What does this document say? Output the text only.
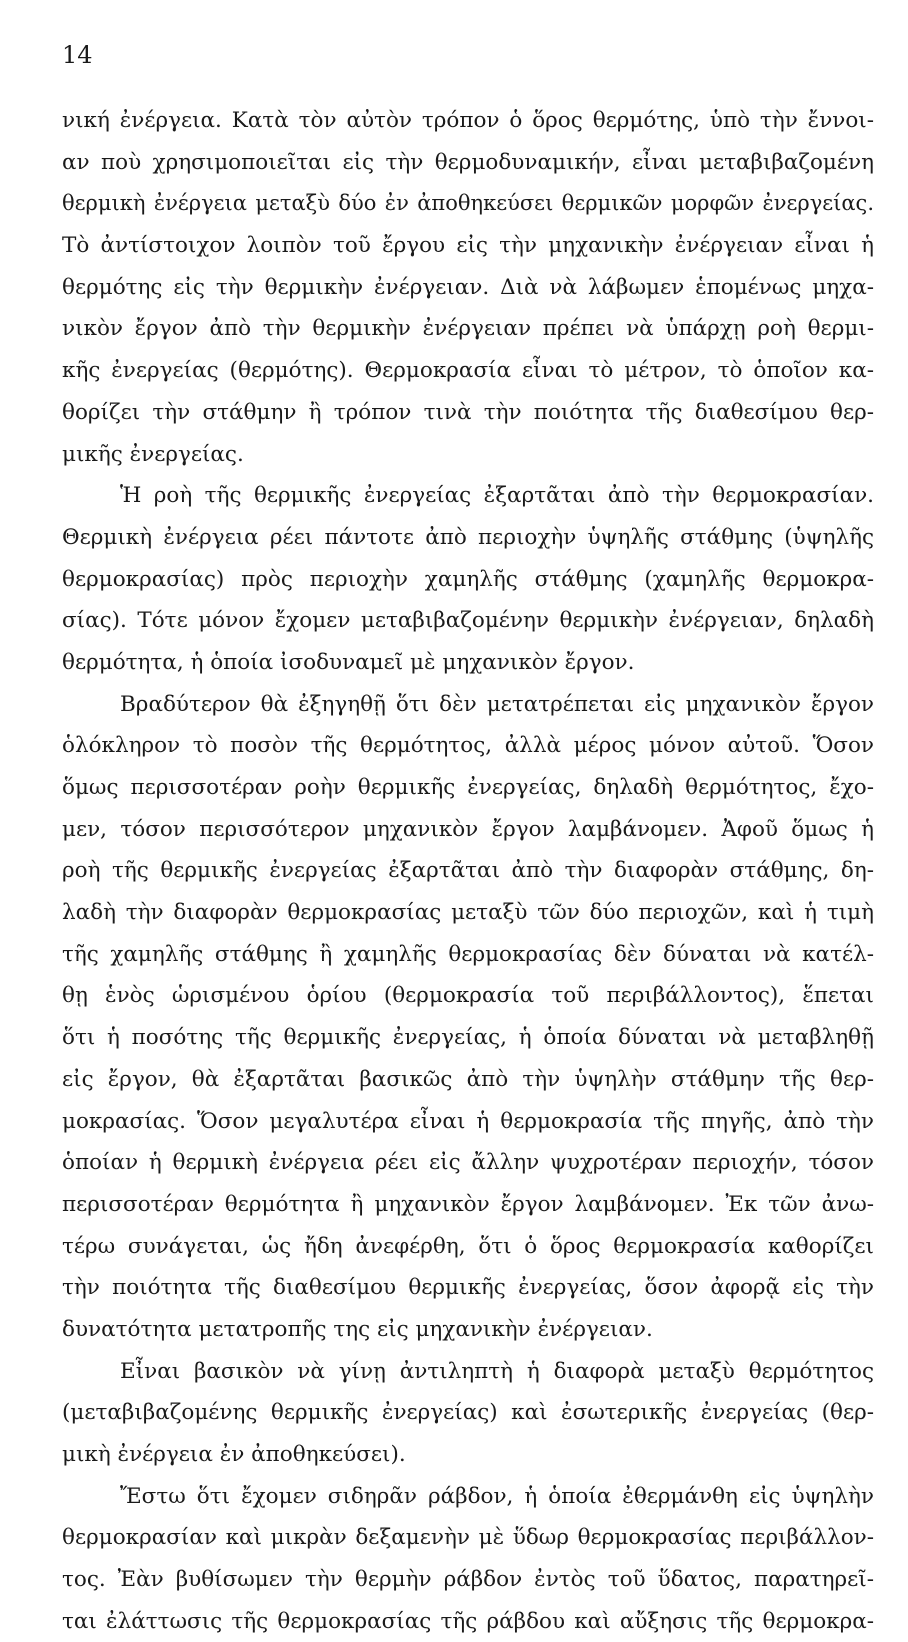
14
νική ἐνέργεια. Κατὰ τὸν αὐτὸν τρόπον ὁ ὅρος θερμότης, ὑπὸ τὴν ἔννοι-
αν ποὺ χρησιμοποιεῖται εἰς τὴν θερμοδυναμικήν, εἶναι μεταβιβαζομένη
θερμικὴ ἐνέργεια μεταξὺ δύο ἐν ἀποθηκεύσει θερμικῶν μορφῶν ἐνεργείας.
Τὸ ἀντίστοιχον λοιπὸν τοῦ ἔργου εἰς τὴν μηχανικὴν ἐνέργειαν εἶναι ἡ
θερμότης εἰς τὴν θερμικὴν ἐνέργειαν. Διὰ νὰ λάβωμεν ἑπομένως μηχα-
νικὸν ἔργον ἀπὸ τὴν θερμικὴν ἐνέργειαν πρέπει νὰ ὑπάρχῃ ροὴ θερμι-
κῆς ἐνεργείας (θερμότης). Θερμοκρασία εἶναι τὸ μέτρον, τὸ ὁποῖον κα-
θορίζει τὴν στάθμην ἢ τρόπον τινὰ τὴν ποιότητα τῆς διαθεσίμου θερ-
μικῆς ἐνεργείας.
Ἡ ροὴ τῆς θερμικῆς ἐνεργείας ἐξαρτᾶται ἀπὸ τὴν θερμοκρασίαν.
Θερμικὴ ἐνέργεια ρέει πάντοτε ἀπὸ περιοχὴν ὑψηλῆς στάθμης (ὑψηλῆς
θερμοκρασίας) πρὸς περιοχὴν χαμηλῆς στάθμης (χαμηλῆς θερμοκρα-
σίας). Τότε μόνον ἔχομεν μεταβιβαζομένην θερμικὴν ἐνέργειαν, δηλαδὴ
θερμότητα, ἡ ὁποία ἰσοδυναμεῖ μὲ μηχανικὸν ἔργον.
Βραδύτερον θὰ ἐξηγηθῇ ὅτι δὲν μετατρέπεται εἰς μηχανικὸν ἔργον
ὁλόκληρον τὸ ποσὸν τῆς θερμότητος, ἀλλὰ μέρος μόνον αὐτοῦ. Ὅσον
ὅμως περισσοτέραν ροὴν θερμικῆς ἐνεργείας, δηλαδὴ θερμότητος, ἔχο-
μεν, τόσον περισσότερον μηχανικὸν ἔργον λαμβάνομεν. Ἀφοῦ ὅμως ἡ
ροὴ τῆς θερμικῆς ἐνεργείας ἐξαρτᾶται ἀπὸ τὴν διαφορὰν στάθμης, δη-
λαδὴ τὴν διαφορὰν θερμοκρασίας μεταξὺ τῶν δύο περιοχῶν, καὶ ἡ τιμὴ
τῆς χαμηλῆς στάθμης ἢ χαμηλῆς θερμοκρασίας δὲν δύναται νὰ κατέλ-
θῃ ἑνὸς ὡρισμένου ὁρίου (θερμοκρασία τοῦ περιβάλλοντος), ἕπεται
ὅτι ἡ ποσότης τῆς θερμικῆς ἐνεργείας, ἡ ὁποία δύναται νὰ μεταβληθῇ
εἰς ἔργον, θὰ ἐξαρτᾶται βασικῶς ἀπὸ τὴν ὑψηλὴν στάθμην τῆς θερ-
μοκρασίας. Ὅσον μεγαλυτέρα εἶναι ἡ θερμοκρασία τῆς πηγῆς, ἀπὸ τὴν
ὁποίαν ἡ θερμικὴ ἐνέργεια ρέει εἰς ἄλλην ψυχροτέραν περιοχήν, τόσον
περισσοτέραν θερμότητα ἢ μηχανικὸν ἔργον λαμβάνομεν. Ἐκ τῶν ἀνω-
τέρω συνάγεται, ὡς ἤδη ἀνεφέρθη, ὅτι ὁ ὅρος θερμοκρασία καθορίζει
τὴν ποιότητα τῆς διαθεσίμου θερμικῆς ἐνεργείας, ὅσον ἀφορᾷ εἰς τὴν
δυνατότητα μετατροπῆς της εἰς μηχανικὴν ἐνέργειαν.
Εἶναι βασικὸν νὰ γίνῃ ἀντιληπτὴ ἡ διαφορὰ μεταξὺ θερμότητος
(μεταβιβαζομένης θερμικῆς ἐνεργείας) καὶ ἐσωτερικῆς ἐνεργείας (θερ-
μικὴ ἐνέργεια ἐν ἀποθηκεύσει).
Ἔστω ὅτι ἔχομεν σιδηρᾶν ράβδον, ἡ ὁποία ἐθερμάνθη εἰς ὑψηλὴν
θερμοκρασίαν καὶ μικρὰν δεξαμενὴν μὲ ὕδωρ θερμοκρασίας περιβάλλον-
τος. Ἐὰν βυθίσωμεν τὴν θερμὴν ράβδον ἐντὸς τοῦ ὕδατος, παρατηρεῖ-
ται ἐλάττωσις τῆς θερμοκρασίας τῆς ράβδου καὶ αὔξησις τῆς θερμοκρα-
